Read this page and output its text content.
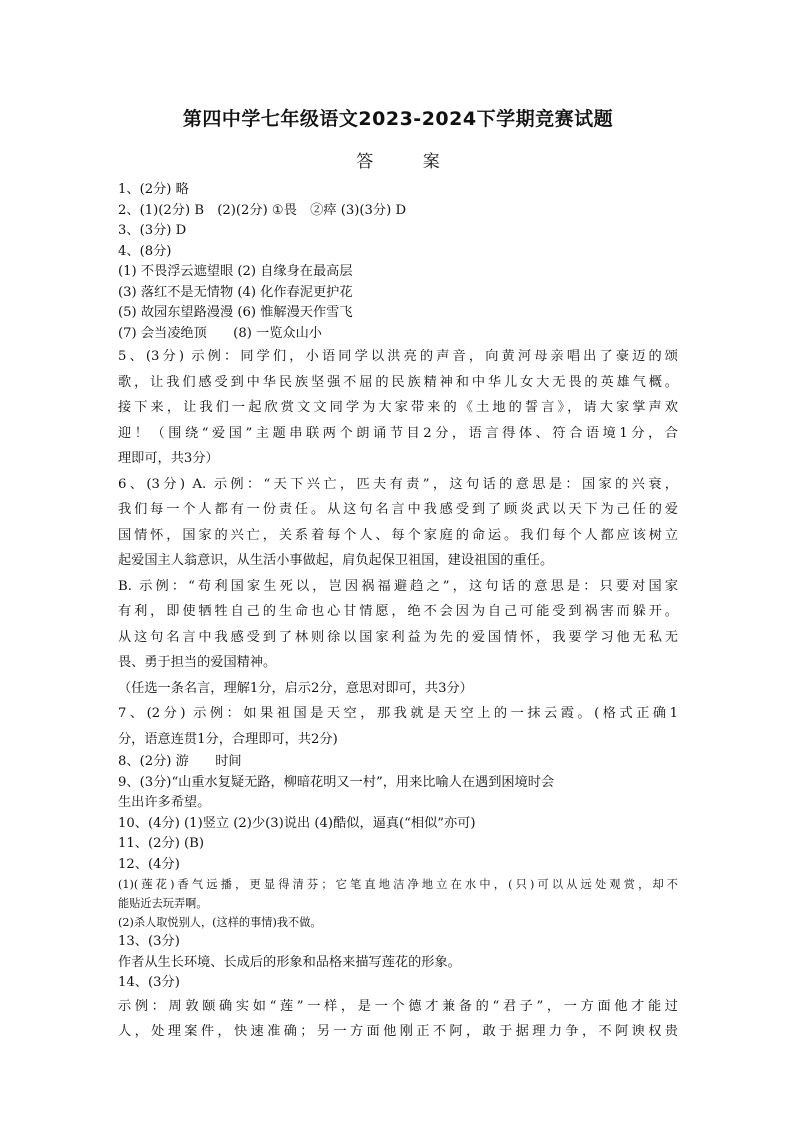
第四中学七年级语文2023-2024下学期竞赛试题
答 案
1、(2分) 略
2、(1)(2分) B　(2)(2分) ①畏　②瘁 (3)(3分) D
3、(3分) D
4、(8分)
(1) 不畏浮云遮望眼 (2) 自缘身在最高层
(3) 落红不是无情物 (4) 化作春泥更护花
(5) 故园东望路漫漫 (6) 惟解漫天作雪飞
(7) 会当凌绝顶　　(8) 一览众山小
5、(3分) 示例：同学们，小语同学以洪亮的声音，向黄河母亲唱出了豪迈的颂
歌，让我们感受到中华民族坚强不屈的民族精神和中华儿女大无畏的英雄气概。
接下来，让我们一起欣赏文文同学为大家带来的《土地的誓言》，请大家掌声欢
迎！（围绕“爱国”主题串联两个朗诵节目2分，语言得体、符合语境1分，合
理即可，共3分）
6、(3分) A. 示例：“天下兴亡，匹夫有责”，这句话的意思是：国家的兴衰，
我们每一个人都有一份责任。从这句名言中我感受到了顾炎武以天下为己任的爱
国情怀，国家的兴亡，关系着每个人、每个家庭的命运。我们每个人都应该树立
起爱国主人翁意识，从生活小事做起，肩负起保卫祖国，建设祖国的重任。
B. 示例：“苟利国家生死以，岂因祸福避趋之”，这句话的意思是：只要对国家
有利，即使牺牲自己的生命也心甘情愿，绝不会因为自己可能受到祸害而躲开。
从这句名言中我感受到了林则徐以国家利益为先的爱国情怀，我要学习他无私无
畏、勇于担当的爱国精神。
（任选一条名言，理解1分，启示2分，意思对即可，共3分）
7、(2分) 示例：如果祖国是天空，那我就是天空上的一抹云霞。(格式正确1
分，语意连贯1分，合理即可，共2分)
8、(2分) 游　　时间
9、(3分)“山重水复疑无路，柳暗花明又一村”，用来比喻人在遇到困境时会
生出许多希望。
10、(4分) (1)竖立 (2)少(3)说出 (4)酷似，逼真(“相似”亦可)
11、(2分) (B)
12、(4分)
(1)(莲花)香气远播，更显得清芬；它笔直地洁净地立在水中，(只)可以从远处观赏，却不
能贴近去玩弄啊。
(2)杀人取悦别人，(这样的事情)我不做。
13、(3分)
作者从生长环境、长成后的形象和品格来描写莲花的形象。
14、(3分)
示例：周敦颐确实如“莲”一样，是一个德才兼备的“君子”，一方面他才能过
人，处理案件，快速准确；另一方面他刚正不阿，敢于据理力争，不阿谀权贵
